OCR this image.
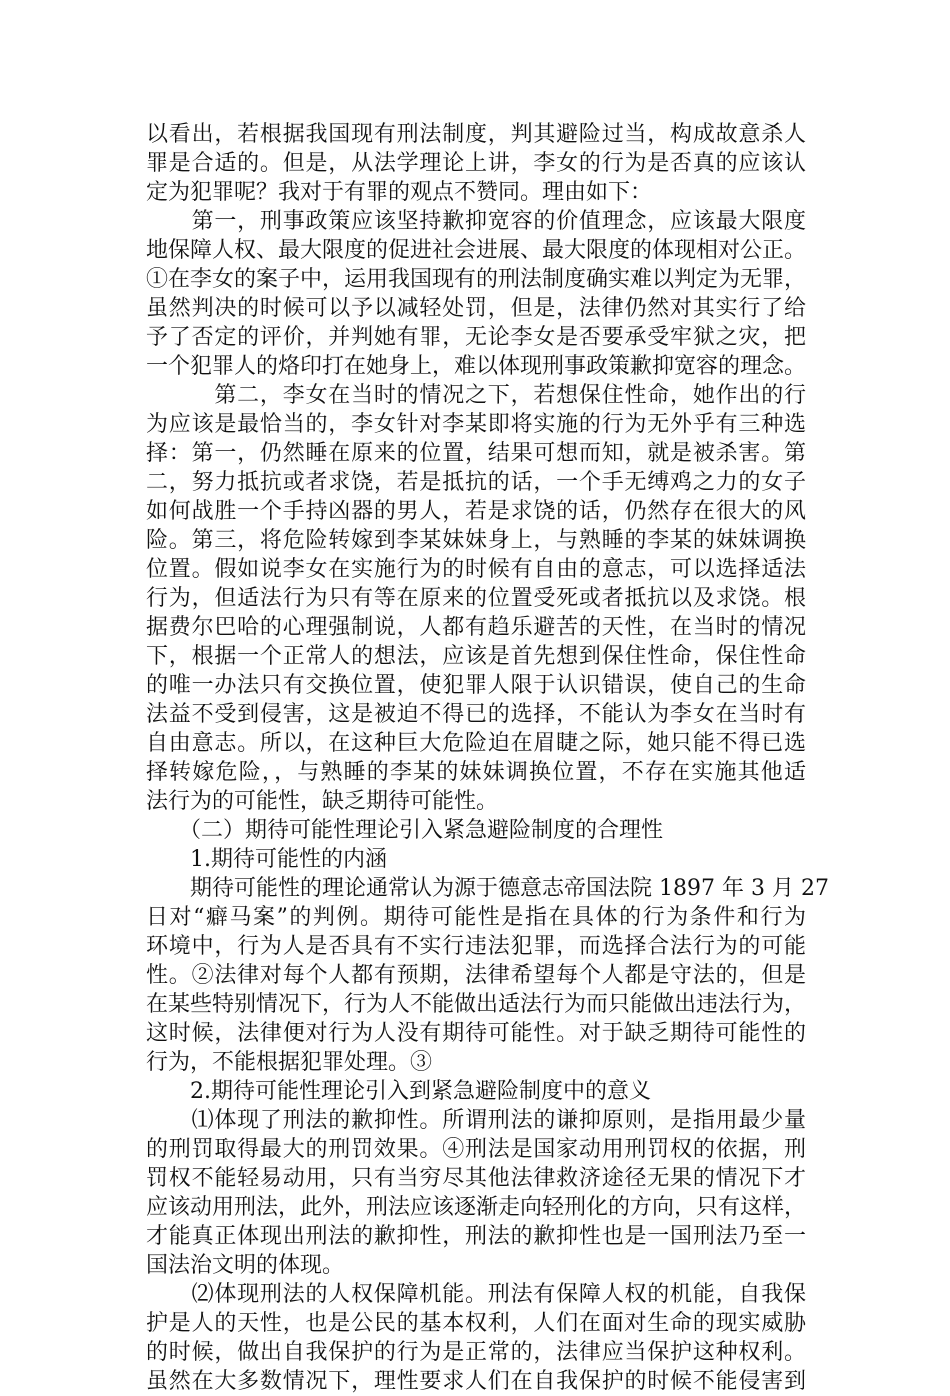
以看出，若根据我国现有刑法制度，判其避险过当，构成故意杀人
罪是合适的。但是，从法学理论上讲，李女的行为是否真的应该认
定为犯罪呢？我对于有罪的观点不赞同。理由如下：
　　第一，刑事政策应该坚持歉抑宽容的价值理念，应该最大限度
地保障人权、最大限度的促进社会进展、最大限度的体现相对公正。
①在李女的案子中，运用我国现有的刑法制度确实难以判定为无罪，
虽然判决的时候可以予以减轻处罚，但是，法律仍然对其实行了给
予了否定的评价，并判她有罪，无论李女是否要承受牢狱之灾，把
一个犯罪人的烙印打在她身上，难以体现刑事政策歉抑宽容的理念。
　　　第二，李女在当时的情况之下，若想保住性命，她作出的行
为应该是最恰当的，李女针对李某即将实施的行为无外乎有三种选
择：第一，仍然睡在原来的位置，结果可想而知，就是被杀害。第
二，努力抵抗或者求饶，若是抵抗的话，一个手无缚鸡之力的女子
如何战胜一个手持凶器的男人，若是求饶的话，仍然存在很大的风
险。第三，将危险转嫁到李某妹妹身上，与熟睡的李某的妹妹调换
位置。假如说李女在实施行为的时候有自由的意志，可以选择适法
行为，但适法行为只有等在原来的位置受死或者抵抗以及求饶。根
据费尔巴哈的心理强制说，人都有趋乐避苦的天性，在当时的情况
下，根据一个正常人的想法，应该是首先想到保住性命，保住性命
的唯一办法只有交换位置，使犯罪人限于认识错误，使自己的生命
法益不受到侵害，这是被迫不得已的选择，不能认为李女在当时有
自由意志。所以，在这种巨大危险迫在眉睫之际，她只能不得已选
择转嫁危险，，与熟睡的李某的妹妹调换位置，不存在实施其他适
法行为的可能性，缺乏期待可能性。
　　（二）期待可能性理论引入紧急避险制度的合理性
　　1.期待可能性的内涵
　　期待可能性的理论通常认为源于德意志帝国法院 1897 年 3 月 27
日对“癖马案”的判例。期待可能性是指在具体的行为条件和行为
环境中，行为人是否具有不实行违法犯罪，而选择合法行为的可能
性。②法律对每个人都有预期，法律希望每个人都是守法的，但是
在某些特别情况下，行为人不能做出适法行为而只能做出违法行为，
这时候，法律便对行为人没有期待可能性。对于缺乏期待可能性的
行为，不能根据犯罪处理。③
　　2.期待可能性理论引入到紧急避险制度中的意义
　　⑴体现了刑法的歉抑性。所谓刑法的谦抑原则，是指用最少量
的刑罚取得最大的刑罚效果。④刑法是国家动用刑罚权的依据，刑
罚权不能轻易动用，只有当穷尽其他法律救济途径无果的情况下才
应该动用刑法，此外，刑法应该逐渐走向轻刑化的方向，只有这样，
才能真正体现出刑法的歉抑性，刑法的歉抑性也是一国刑法乃至一
国法治文明的体现。
　　⑵体现刑法的人权保障机能。刑法有保障人权的机能，自我保
护是人的天性，也是公民的基本权利，人们在面对生命的现实威胁
的时候，做出自我保护的行为是正常的，法律应当保护这种权利。
虽然在大多数情况下，理性要求人们在自我保护的时候不能侵害到
